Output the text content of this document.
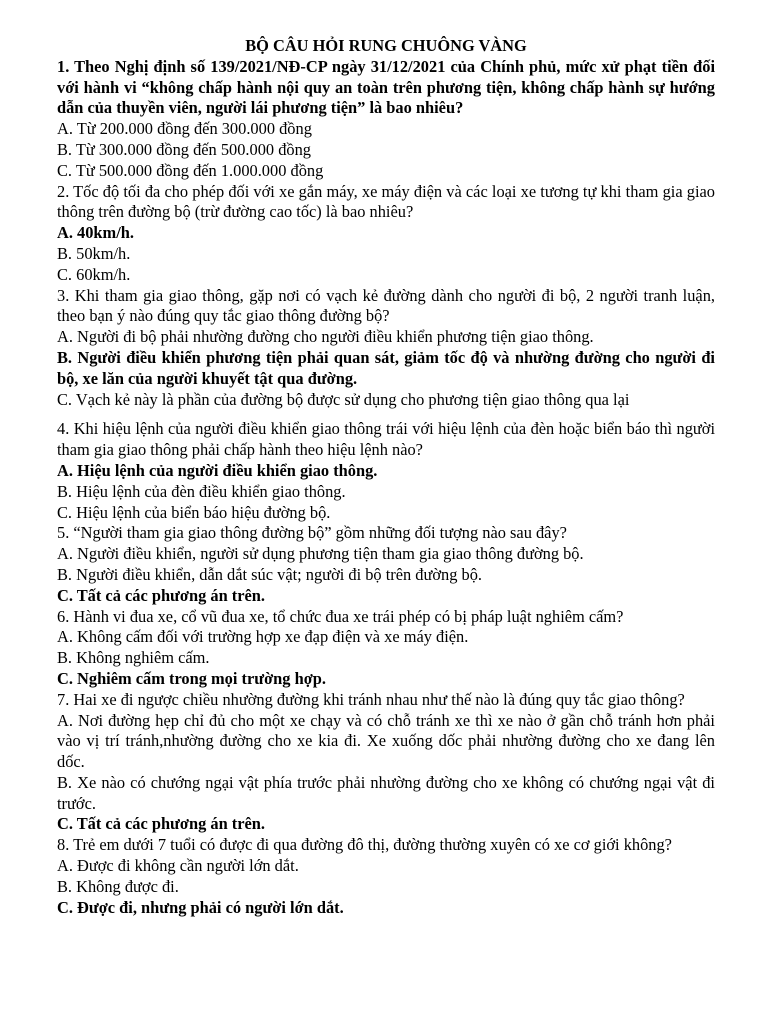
BỘ CÂU HỎI RUNG CHUÔNG VÀNG

1. Theo Nghị định số 139/2021/NĐ-CP ngày 31/12/2021 của Chính phủ, mức xử phạt tiền đối với hành vi “không chấp hành nội quy an toàn trên phương tiện, không chấp hành sự hướng dẫn của thuyền viên, người lái phương tiện” là bao nhiêu?

A. Từ 200.000 đồng đến 300.000 đồng

B. Từ 300.000 đồng đến 500.000 đồng

C. Từ 500.000 đồng đến 1.000.000 đồng

2. Tốc độ tối đa cho phép đối với xe gắn máy, xe máy điện và các loại xe tương tự khi tham gia giao thông trên đường bộ (trừ đường cao tốc) là bao nhiêu?

A. 40km/h.

B. 50km/h.

C. 60km/h.

3. Khi tham gia giao thông, gặp nơi có vạch kẻ đường dành cho người đi bộ, 2 người tranh luận, theo bạn ý nào đúng quy tắc giao thông đường bộ?

A. Người đi bộ phải nhường đường cho người điều khiển phương tiện giao thông.

B. Người điều khiển phương tiện phải quan sát, giảm tốc độ và nhường đường cho người đi bộ, xe lăn của người khuyết tật qua đường.

C. Vạch kẻ này là phần của đường bộ được sử dụng cho phương tiện giao thông qua lại

4. Khi hiệu lệnh của người điều khiển giao thông trái với hiệu lệnh của đèn hoặc biển báo thì người tham gia giao thông phải chấp hành theo hiệu lệnh nào?

A. Hiệu lệnh của người điều khiển giao thông.

B. Hiệu lệnh của đèn điều khiển giao thông.

C. Hiệu lệnh của biển báo hiệu đường bộ.

5. “Người tham gia giao thông đường bộ” gồm những đối tượng nào sau đây?

A. Người điều khiển, người sử dụng phương tiện tham gia giao thông đường bộ.

B. Người điều khiển, dẫn dắt súc vật; người đi bộ trên đường bộ.

C. Tất cả các phương án trên.

6. Hành vi đua xe, cổ vũ đua xe, tổ chức đua xe trái phép có bị pháp luật nghiêm cấm?

A. Không cấm đối với trường hợp xe đạp điện và xe máy điện.

B. Không nghiêm cấm.

C. Nghiêm cấm trong mọi trường hợp.

7. Hai xe đi ngược chiều nhường đường khi tránh nhau như thế nào là đúng quy tắc giao thông?

A. Nơi đường hẹp chỉ đủ cho một xe chạy và có chỗ tránh xe thì xe nào ở gần chỗ tránh hơn phải vào vị trí tránh,nhường đường cho xe kia đi. Xe xuống dốc phải nhường đường cho xe đang lên dốc.

B. Xe nào có chướng ngại vật phía trước phải nhường đường cho xe không có chướng ngại vật đi trước.

C. Tất cả các phương án trên.

8. Trẻ em dưới 7 tuổi có được đi qua đường đô thị, đường thường xuyên có xe cơ giới không?

A. Được đi không cần người lớn dắt.

B. Không được đi.

C. Được đi, nhưng phải có người lớn dắt.
